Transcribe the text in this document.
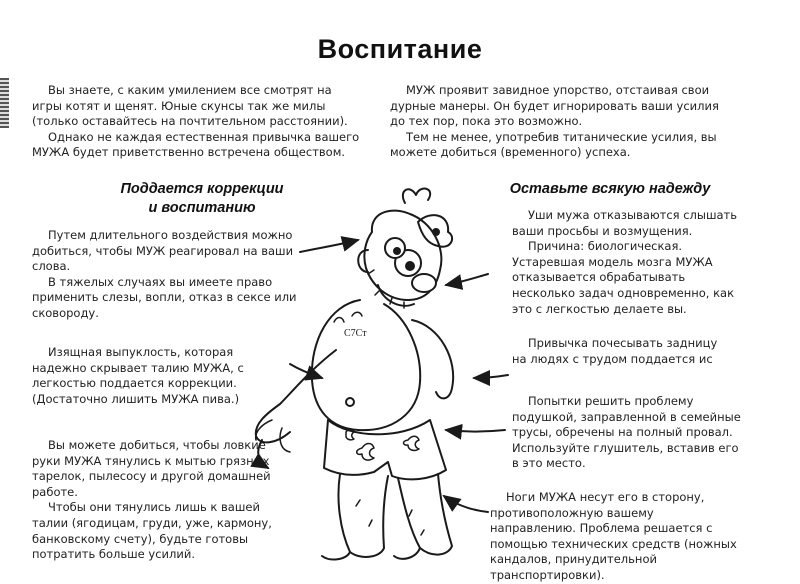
Воспитание

Вы знаете, с каким умилением все смотрят на игры котят и щенят. Юные скунсы так же милы (только оставайтесь на почтительном расстоянии).

Однако не каждая естественная привычка вашего МУЖА будет приветственно встречена обществом.

МУЖ проявит завидное упорство, отстаивая свои дурные манеры. Он будет игнорировать ваши усилия до тех пор, пока это возможно.

Тем не менее, употребив титанические усилия, вы можете добиться (временного) успеха.

Поддается коррекции
и воспитанию
Оставьте всякую надежду

Путем длительного воздействия можно добиться, чтобы МУЖ реагировал на ваши слова.

В тяжелых случаях вы имеете право применить слезы, вопли, отказ в сексе или сковороду.

Изящная выпуклость, которая надежно скрывает талию МУЖА, с легкостью поддается коррекции. (Достаточно лишить МУЖА пива.)

Вы можете добиться, чтобы ловкие руки МУЖА тянулись к мытью грязных тарелок, пылесосу и другой домашней работе.

Чтобы они тянулись лишь к вашей талии (ягодицам, груди, уже, кармону, банковскому счету), будьте готовы потратить больше усилий.

Уши мужа отказываются слышать ваши просьбы и возмущения.

Причина: биологическая. Устаревшая модель мозга МУЖА отказывается обрабатывать несколько задач одновременно, как это с легкостью делаете вы.

Привычка почесывать задницу на людях с трудом поддается ис

Попытки решить проблему подушкой, заправленной в семейные трусы, обречены на полный провал. Используйте глушитель, вставив его в это место.

Ноги МУЖА несут его в сторону, противоположную вашему направлению. Проблема решается с помощью технических средств (ножных кандалов, принудительной транспортировки).

С7Ст
